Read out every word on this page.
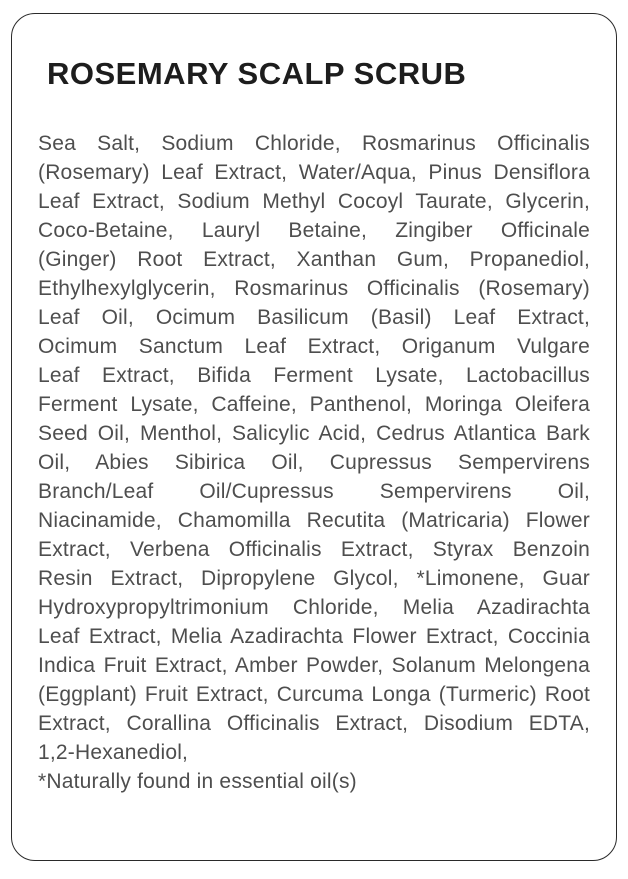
ROSEMARY SCALP SCRUB
Sea Salt, Sodium Chloride, Rosmarinus Officinalis
(Rosemary) Leaf Extract, Water/Aqua, Pinus Densiflora
Leaf Extract, Sodium Methyl Cocoyl Taurate, Glycerin,
Coco-Betaine, Lauryl Betaine, Zingiber Officinale
(Ginger) Root Extract, Xanthan Gum, Propanediol,
Ethylhexylglycerin, Rosmarinus Officinalis (Rosemary)
Leaf Oil, Ocimum Basilicum (Basil) Leaf Extract,
Ocimum Sanctum Leaf Extract, Origanum Vulgare
Leaf Extract, Bifida Ferment Lysate, Lactobacillus
Ferment Lysate, Caffeine, Panthenol, Moringa Oleifera
Seed Oil, Menthol, Salicylic Acid, Cedrus Atlantica Bark
Oil, Abies Sibirica Oil, Cupressus Sempervirens
Branch/Leaf Oil/Cupressus Sempervirens Oil,
Niacinamide, Chamomilla Recutita (Matricaria) Flower
Extract, Verbena Officinalis Extract, Styrax Benzoin
Resin Extract, Dipropylene Glycol, *Limonene, Guar
Hydroxypropyltrimonium Chloride, Melia Azadirachta
Leaf Extract, Melia Azadirachta Flower Extract, Coccinia
Indica Fruit Extract, Amber Powder, Solanum Melongena
(Eggplant) Fruit Extract, Curcuma Longa (Turmeric) Root
Extract, Corallina Officinalis Extract, Disodium EDTA,
1,2-Hexanediol,
*Naturally found in essential oil(s)
